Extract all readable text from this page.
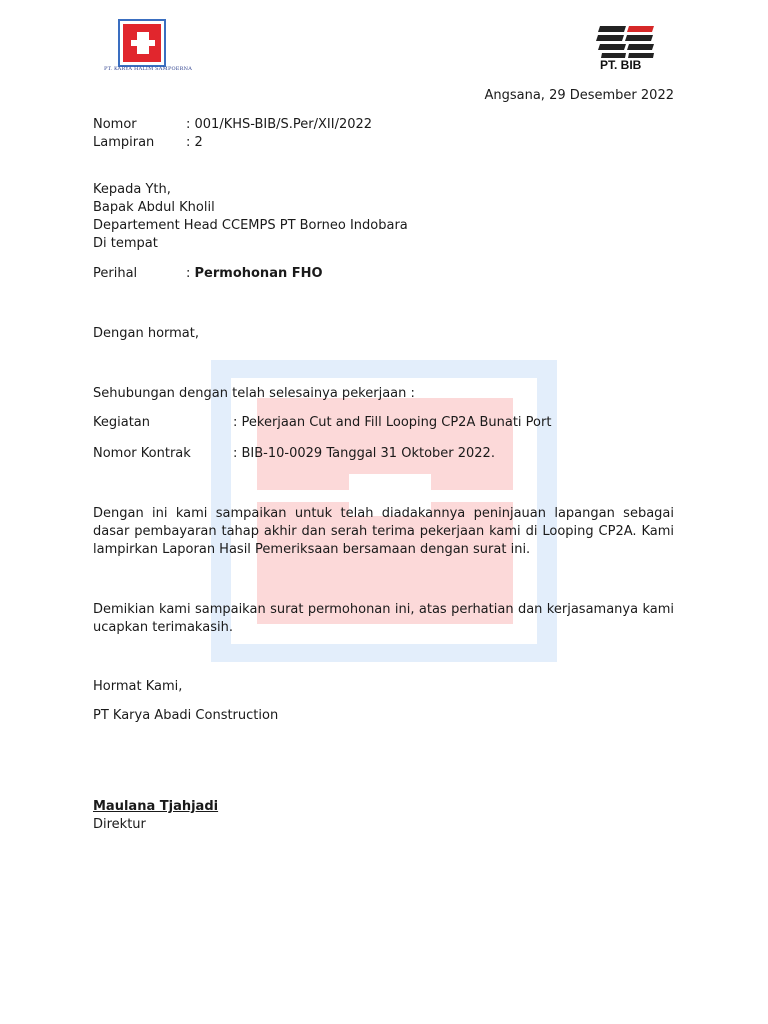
PT. KARYA HALIM SAMPOERNA	PT. BIB
Angsana, 29 Desember 2022
Nomor	: 001/KHS-BIB/S.Per/XII/2022
Lampiran : 2
Kepada Yth,
Bapak Abdul Kholil
Departement Head CCEMPS PT Borneo Indobara
Di tempat
Perihal	: Permohonan FHO
Dengan hormat,
Sehubungan dengan telah selesainya pekerjaan :
Kegiatan	: Pekerjaan Cut and Fill Looping CP2A Bunati Port
Nomor Kontrak	: BIB-10-0029 Tanggal 31 Oktober 2022.
Dengan ini kami sampaikan untuk telah diadakannya peninjauan lapangan sebagai dasar pembayaran tahap akhir dan serah terima pekerjaan kami di Looping CP2A. Kami lampirkan Laporan Hasil Pemeriksaan bersamaan dengan surat ini.
Demikian kami sampaikan surat permohonan ini, atas perhatian dan kerjasamanya kami ucapkan terimakasih.
Hormat Kami,
PT Karya Abadi Construction
Maulana Tjahjadi
Direktur
